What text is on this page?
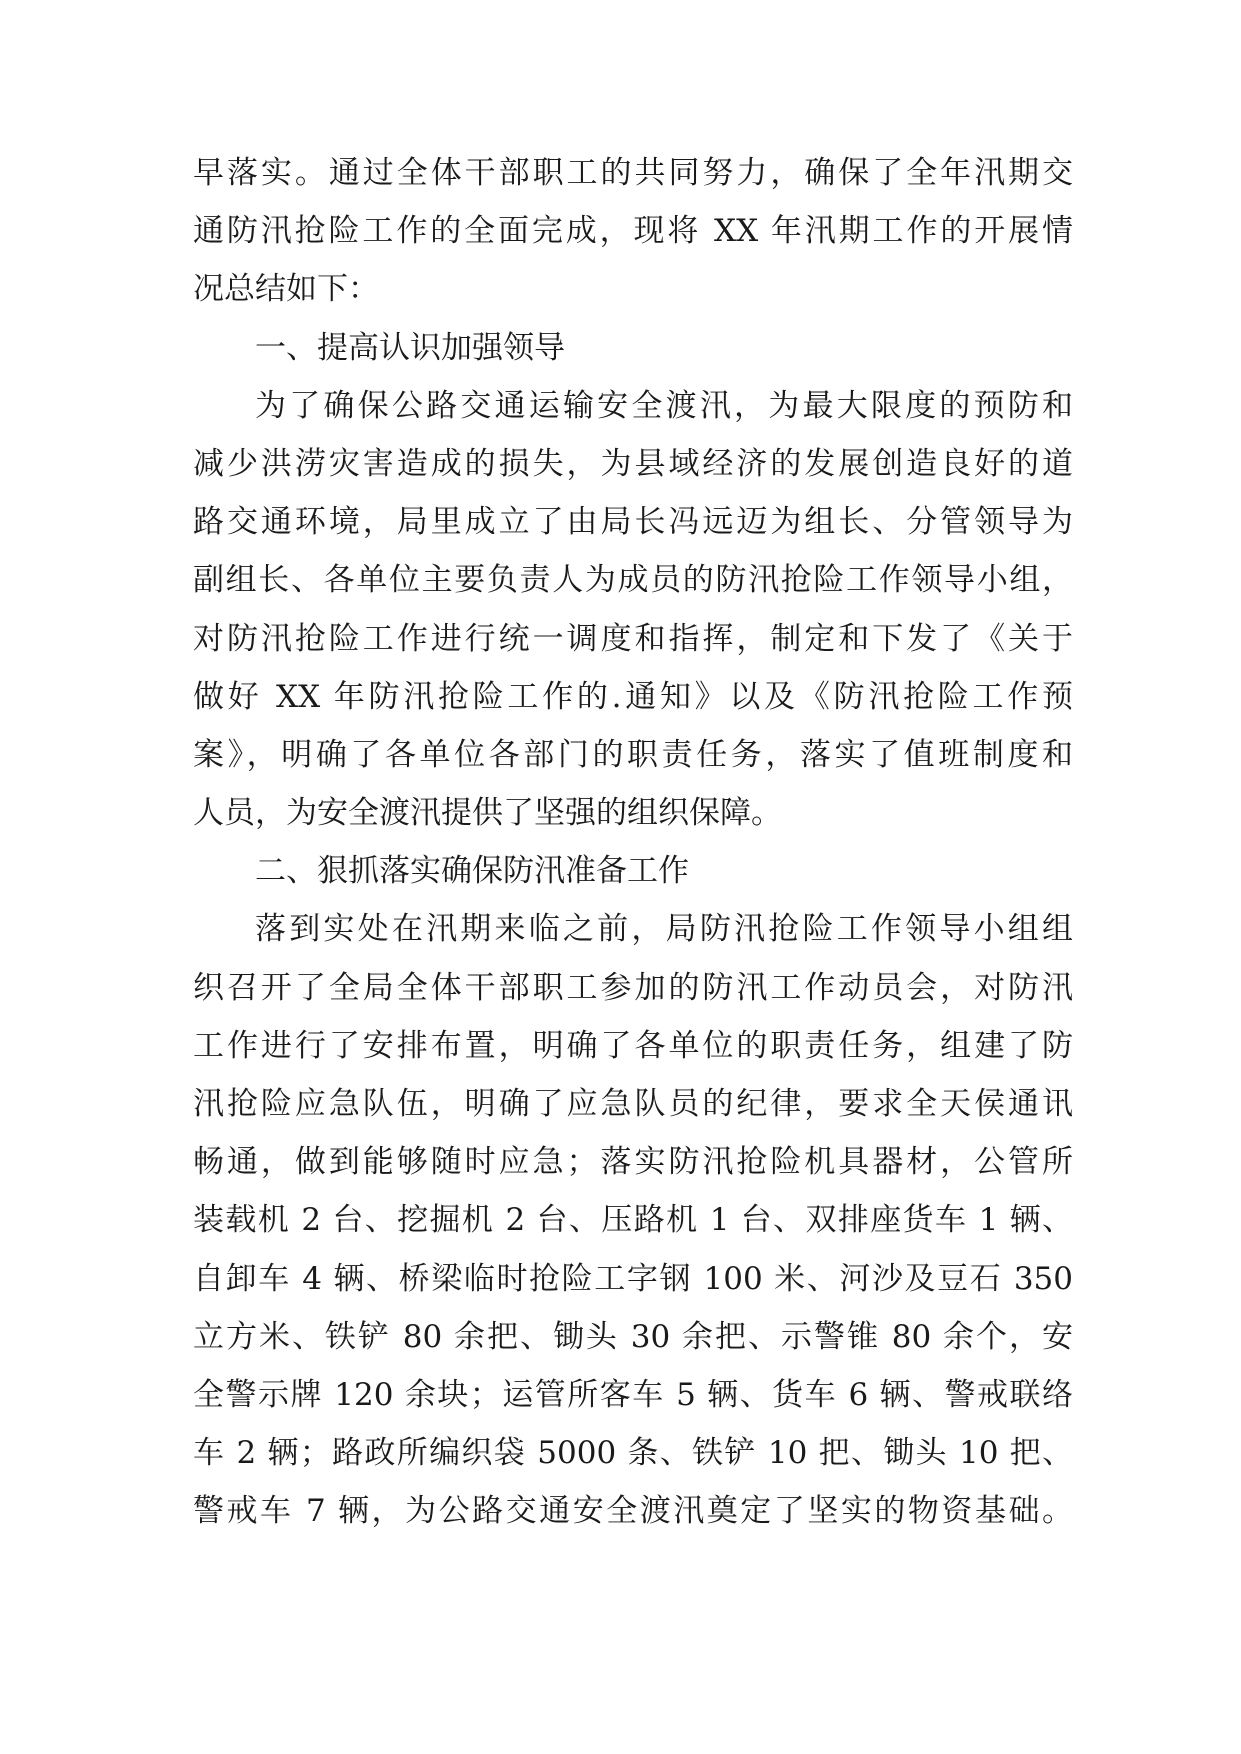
早落实。通过全体干部职工的共同努力，确保了全年汛期交
通防汛抢险工作的全面完成，现将 XX 年汛期工作的开展情
况总结如下：
一、提高认识加强领导
为了确保公路交通运输安全渡汛，为最大限度的预防和
减少洪涝灾害造成的损失，为县域经济的发展创造良好的道
路交通环境，局里成立了由局长冯远迈为组长、分管领导为
副组长、各单位主要负责人为成员的防汛抢险工作领导小组，
对防汛抢险工作进行统一调度和指挥，制定和下发了《关于
做好 XX 年防汛抢险工作的.通知》以及《防汛抢险工作预
案》，明确了各单位各部门的职责任务，落实了值班制度和
人员，为安全渡汛提供了坚强的组织保障。
二、狠抓落实确保防汛准备工作
落到实处在汛期来临之前，局防汛抢险工作领导小组组
织召开了全局全体干部职工参加的防汛工作动员会，对防汛
工作进行了安排布置，明确了各单位的职责任务，组建了防
汛抢险应急队伍，明确了应急队员的纪律，要求全天侯通讯
畅通，做到能够随时应急；落实防汛抢险机具器材，公管所
装载机 2 台、挖掘机 2 台、压路机 1 台、双排座货车 1 辆、
自卸车 4 辆、桥梁临时抢险工字钢 100 米、河沙及豆石 350
立方米、铁铲 80 余把、锄头 30 余把、示警锥 80 余个，安
全警示牌 120 余块；运管所客车 5 辆、货车 6 辆、警戒联络
车 2 辆；路政所编织袋 5000 条、铁铲 10 把、锄头 10 把、
警戒车 7 辆，为公路交通安全渡汛奠定了坚实的物资基础。
